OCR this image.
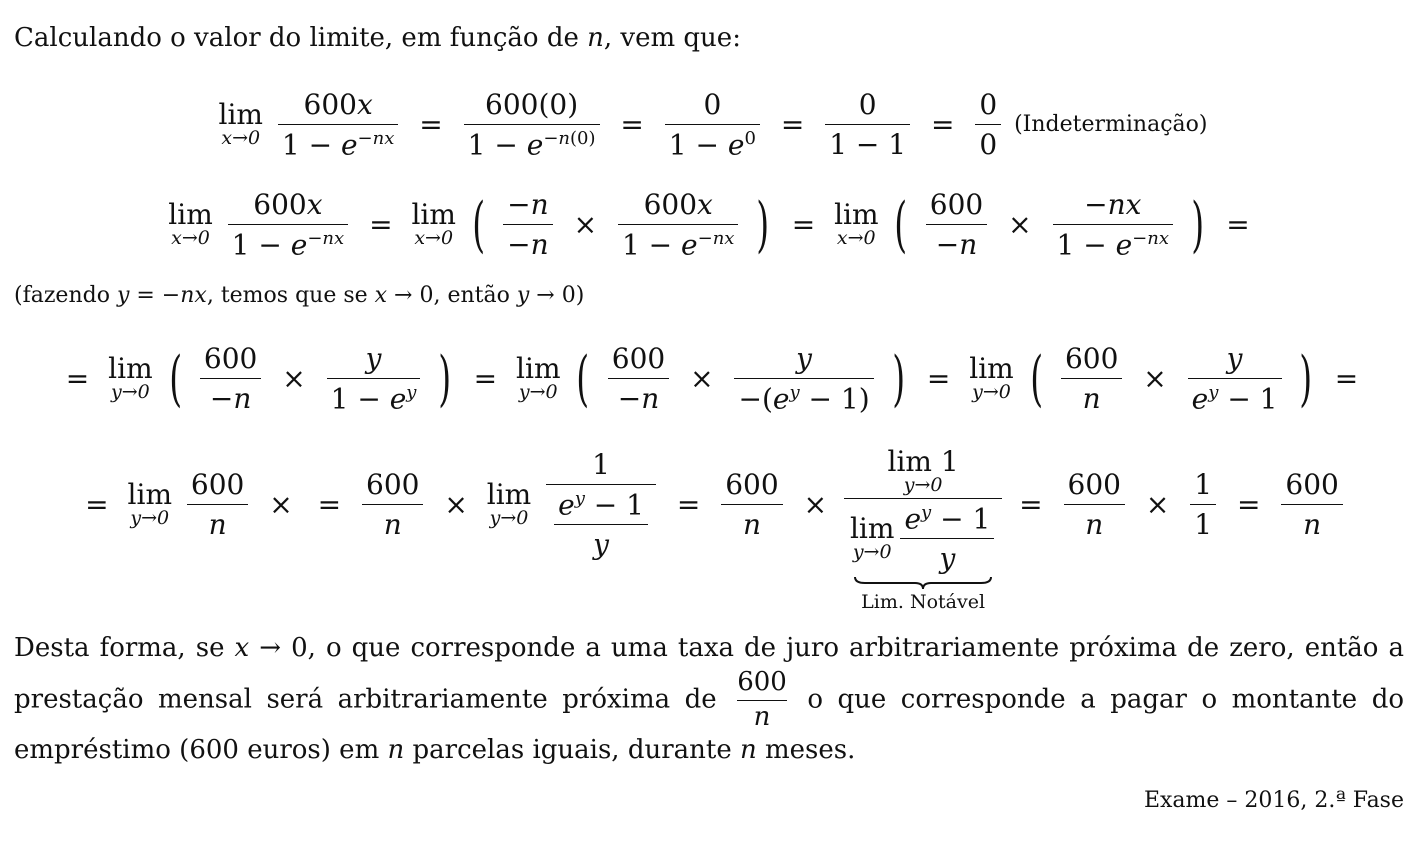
Calculando o valor do limite, em função de n, vem que:
lim
x→0
$\frac{600x}{1 - e^{-nx}} = \frac{600(0)}{1 - e^{-n(0)}} = \frac{0}{1 - e^0} = \frac{0}{1 - 1} = \frac{0}{0}$ (Indeterminação)
lim
x→0
$\frac{600x}{1 - e^{-nx}} = \lim$
x→0 ( $\frac{-n}{-n} \times \frac{600x}{1 - e^{-nx}}$ ) = lim
x→0 ( $\frac{600}{-n} \times \frac{-nx}{1 - e^{-nx}}$ ) =
(fazendo y = −nx, temos que se x → 0, então y → 0)
= lim
y→0 ( $\frac{600}{-n} \times \frac{y}{1 - e^y}$ ) = lim
y→0 ( $\frac{600}{-n} \times \frac{y}{-(e^y - 1)}$ ) = lim
y→0 ( $\frac{600}{n} \times \frac{y}{e^y - 1}$ ) =
= lim
y→0
$\frac{600}{n}$ × = $\frac{600}{n} \times \lim$
y→0
$\frac{1}{\frac{e^y - 1}{y}} = \frac{600}{n} \times \lim 1$
y→0
lim
$y\to 0 \frac{e^y - 1}{y}$
Lim. Notável
= $\frac{600}{n} \times \frac{1}{1} = \frac{600}{n}$
Desta forma, se x → 0, o que corresponde a uma taxa de juro arbitrariamente próxima de zero, então a prestação mensal será arbitrariamente próxima de $\frac{600}{n}$ o que corresponde a pagar o montante do empréstimo (600 euros) em n parcelas iguais, durante n meses.
Exame – 2016, 2.ª Fase
